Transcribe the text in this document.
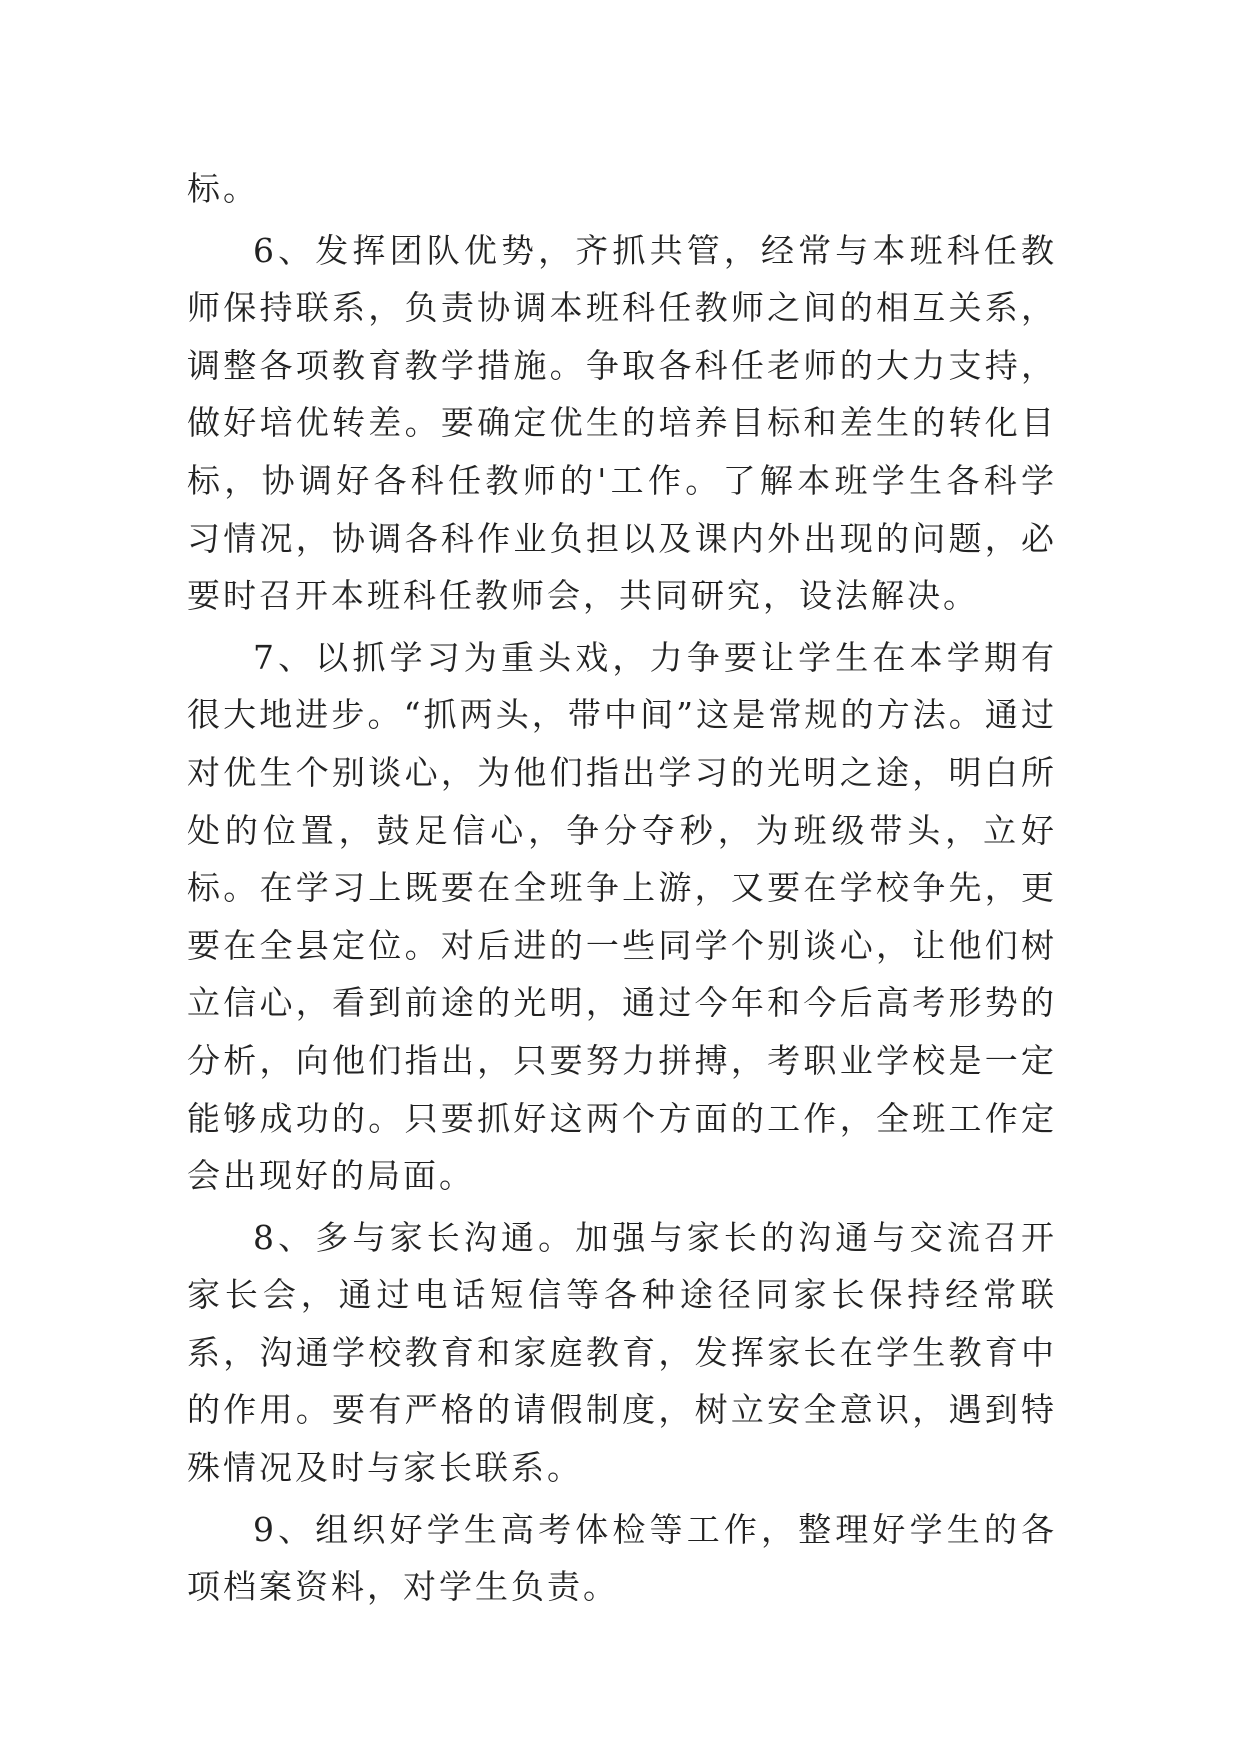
标。

6、发挥团队优势，齐抓共管，经常与本班科任教师保持联系，负责协调本班科任教师之间的相互关系，调整各项教育教学措施。争取各科任老师的大力支持，做好培优转差。要确定优生的培养目标和差生的转化目标，协调好各科任教师的'工作。了解本班学生各科学习情况，协调各科作业负担以及课内外出现的问题，必要时召开本班科任教师会，共同研究，设法解决。

7、以抓学习为重头戏，力争要让学生在本学期有很大地进步。“抓两头，带中间”这是常规的方法。通过对优生个别谈心，为他们指出学习的光明之途，明白所处的位置，鼓足信心，争分夺秒，为班级带头，立好标。在学习上既要在全班争上游，又要在学校争先，更要在全县定位。对后进的一些同学个别谈心，让他们树立信心，看到前途的光明，通过今年和今后高考形势的分析，向他们指出，只要努力拼搏，考职业学校是一定能够成功的。只要抓好这两个方面的工作，全班工作定会出现好的局面。

8、多与家长沟通。加强与家长的沟通与交流召开家长会，通过电话短信等各种途径同家长保持经常联系，沟通学校教育和家庭教育，发挥家长在学生教育中的作用。要有严格的请假制度，树立安全意识，遇到特殊情况及时与家长联系。

9、组织好学生高考体检等工作，整理好学生的各项档案资料，对学生负责。
